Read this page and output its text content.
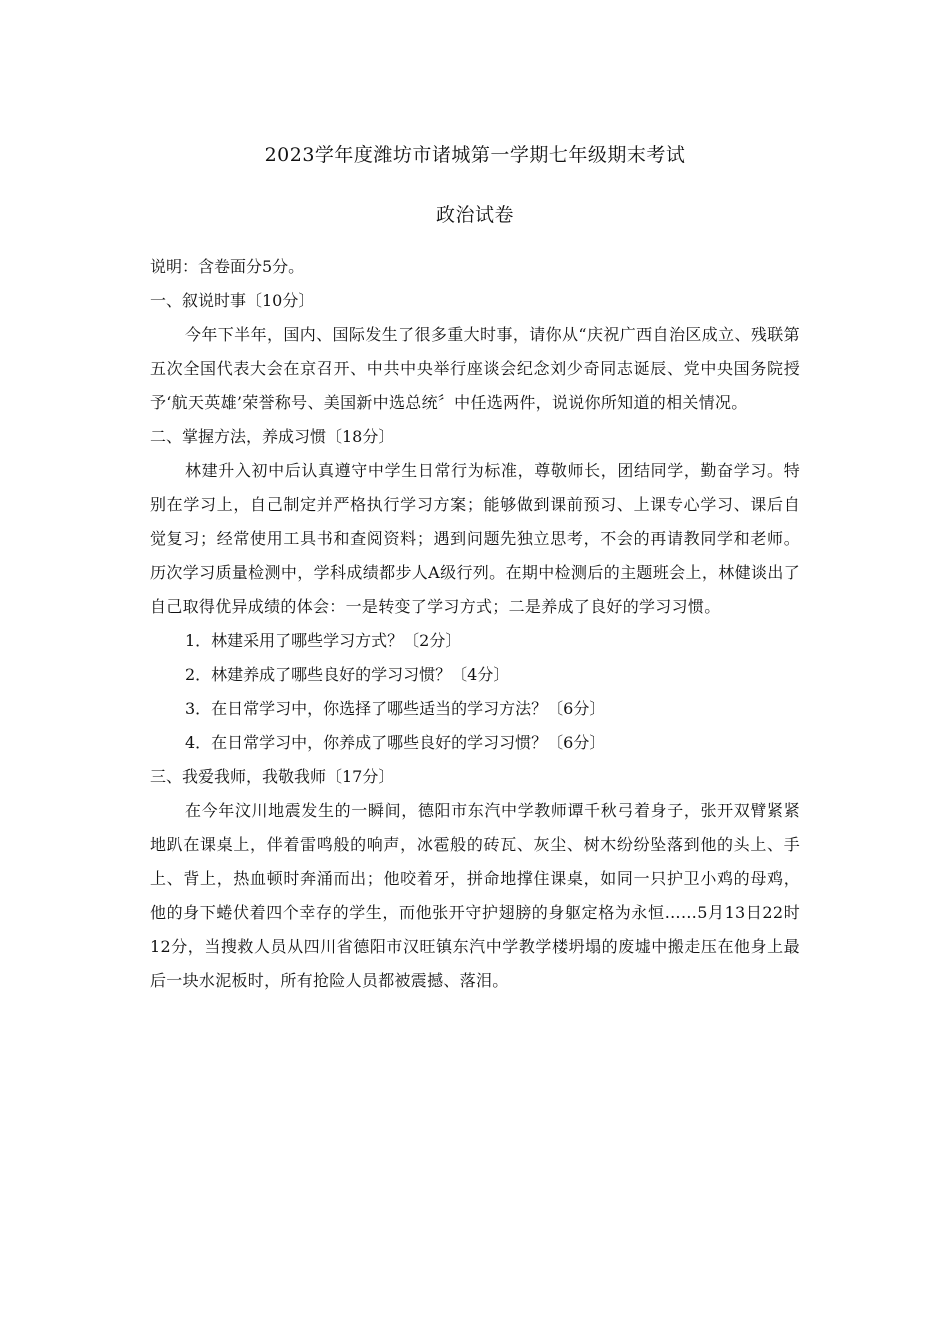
2023学年度潍坊市诸城第一学期七年级期末考试
政治试卷
说明：含卷面分5分。
一、叙说时事〔10分〕
今年下半年，国内、国际发生了很多重大时事，请你从“庆祝广西自治区成立、残联第五次全国代表大会在京召开、中共中央举行座谈会纪念刘少奇同志诞辰、党中央国务院授予‘航天英雄’荣誉称号、美国新中选总统〞中任选两件，说说你所知道的相关情况。
二、掌握方法，养成习惯〔18分〕
林建升入初中后认真遵守中学生日常行为标准，尊敬师长，团结同学，勤奋学习。特别在学习上，自己制定并严格执行学习方案；能够做到课前预习、上课专心学习、课后自觉复习；经常使用工具书和查阅资料；遇到问题先独立思考，不会的再请教同学和老师。历次学习质量检测中，学科成绩都步人A级行列。在期中检测后的主题班会上，林健谈出了自己取得优异成绩的体会：一是转变了学习方式；二是养成了良好的学习习惯。
1．林建采用了哪些学习方式？〔2分〕
2．林建养成了哪些良好的学习习惯？〔4分〕
3．在日常学习中，你选择了哪些适当的学习方法？〔6分〕
4．在日常学习中，你养成了哪些良好的学习习惯？〔6分〕
三、我爱我师，我敬我师〔17分〕
在今年汶川地震发生的一瞬间，德阳市东汽中学教师谭千秋弓着身子，张开双臂紧紧地趴在课桌上，伴着雷鸣般的响声，冰雹般的砖瓦、灰尘、树木纷纷坠落到他的头上、手上、背上，热血顿时奔涌而出；他咬着牙，拼命地撑住课桌，如同一只护卫小鸡的母鸡，他的身下蜷伏着四个幸存的学生，而他张开守护翅膀的身躯定格为永恒……5月13日22时12分，当搜救人员从四川省德阳市汉旺镇东汽中学教学楼坍塌的废墟中搬走压在他身上最后一块水泥板时，所有抢险人员都被震撼、落泪。
